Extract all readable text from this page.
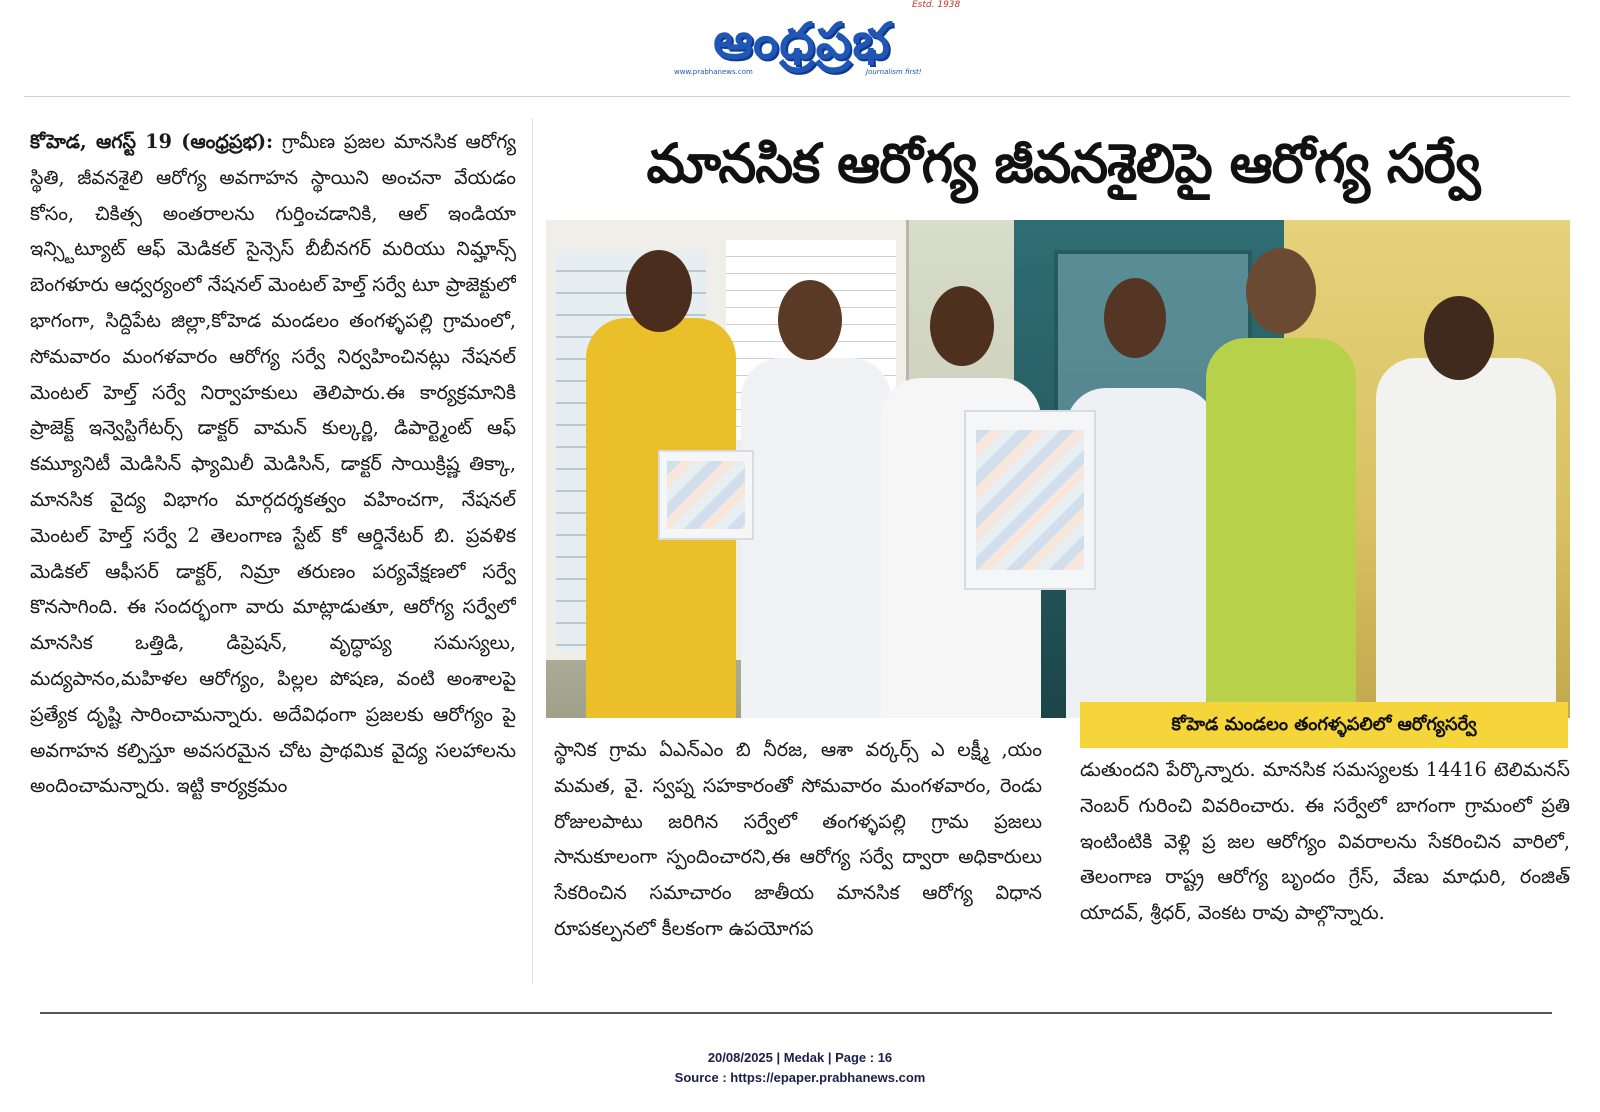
ఆంధ్రప్రభ
Estd. 1938
www.prabhanews.com	Journalism first!
కోహెడ, ఆగస్ట్ 19 (ఆంధ్రప్రభ): గ్రామీణ ప్రజల మానసిక ఆరోగ్య స్థితి, జీవనశైలి ఆరోగ్య అవగాహన స్థాయిని అంచనా వేయడం కోసం, చికిత్స అంతరాలను గుర్తించడానికి, ఆల్ ఇండియా ఇన్స్టిట్యూట్ ఆఫ్ మెడికల్ సైన్సెస్ బీబీనగర్ మరియు నిమ్హాన్స్ బెంగళూరు ఆధ్వర్యంలో నేషనల్ మెంటల్ హెల్త్ సర్వే టూ ప్రాజెక్టులో భాగంగా, సిద్దిపేట జిల్లా,కోహెడ మండలం తంగళ్ళపల్లి గ్రామంలో, సోమవారం మంగళవారం ఆరోగ్య సర్వే నిర్వహించినట్లు నేషనల్ మెంటల్ హెల్త్ సర్వే నిర్వాహకులు తెలిపారు.ఈ కార్యక్రమానికి ప్రాజెక్ట్ ఇన్వెస్టిగేటర్స్ డాక్టర్ వామన్ కుల్కర్ణి, డిపార్ట్మెంట్ ఆఫ్ కమ్యూనిటీ మెడిసిన్ ఫ్యామిలీ మెడిసిన్, డాక్టర్ సాయిక్రిష్ణ తిక్కా, మానసిక వైద్య విభాగం మార్గదర్శకత్వం వహించగా, నేషనల్ మెంటల్ హెల్త్ సర్వే 2 తెలంగాణ స్టేట్ కో ఆర్డినేటర్ బి. ప్రవళిక మెడికల్ ఆఫీసర్ డాక్టర్, నిమ్రా తరుణం పర్యవేక్షణలో సర్వే కొనసాగింది. ఈ సందర్భంగా వారు మాట్లాడుతూ, ఆరోగ్య సర్వేలో మానసిక ఒత్తిడి, డిప్రెషన్, వృద్ధాప్య సమస్యలు, మద్యపానం,మహిళల ఆరోగ్యం, పిల్లల పోషణ, వంటి అంశాలపై ప్రత్యేక దృష్టి సారించామన్నారు. అదేవిధంగా ప్రజలకు ఆరోగ్యం పై అవగాహన కల్పిస్తూ అవసరమైన చోట ప్రాథమిక వైద్య సలహాలను అందించామన్నారు. ఇట్టి కార్యక్రమం
మానసిక ఆరోగ్య జీవనశైలిపై ఆరోగ్య సర్వే
కోహెడ మండలం తంగళ్ళపలిలో ఆరోగ్యసర్వే
స్థానిక గ్రామ ఏఎన్ఎం బి నీరజ, ఆశా వర్కర్స్ ఎ లక్ష్మీ ,యం మమత, వై. స్వప్న సహకారంతో సోమవారం మంగళవారం, రెండు రోజులపాటు జరిగిన సర్వేలో తంగళ్ళపల్లి గ్రామ ప్రజలు సానుకూలంగా స్పందించారని,ఈ ఆరోగ్య సర్వే ద్వారా అధికారులు సేకరించిన సమాచారం జాతీయ మానసిక ఆరోగ్య విధాన రూపకల్పనలో కీలకంగా ఉపయోగప
డుతుందని పేర్కొన్నారు. మానసిక సమస్యలకు 14416 టెలిమనస్ నెంబర్ గురించి వివరించారు. ఈ సర్వేలో బాగంగా గ్రామంలో ప్రతి ఇంటింటికి వెళ్లి ప్ర జల ఆరోగ్యం వివరాలను సేకరించిన వారిలో, తెలంగాణ రాష్ట్ర ఆరోగ్య బృందం గ్రేస్, వేణు మాధురి, రంజిత్ యాదవ్, శ్రీధర్, వెంకట రావు పాల్గొన్నారు.
20/08/2025 | Medak | Page : 16
Source : https://epaper.prabhanews.com
